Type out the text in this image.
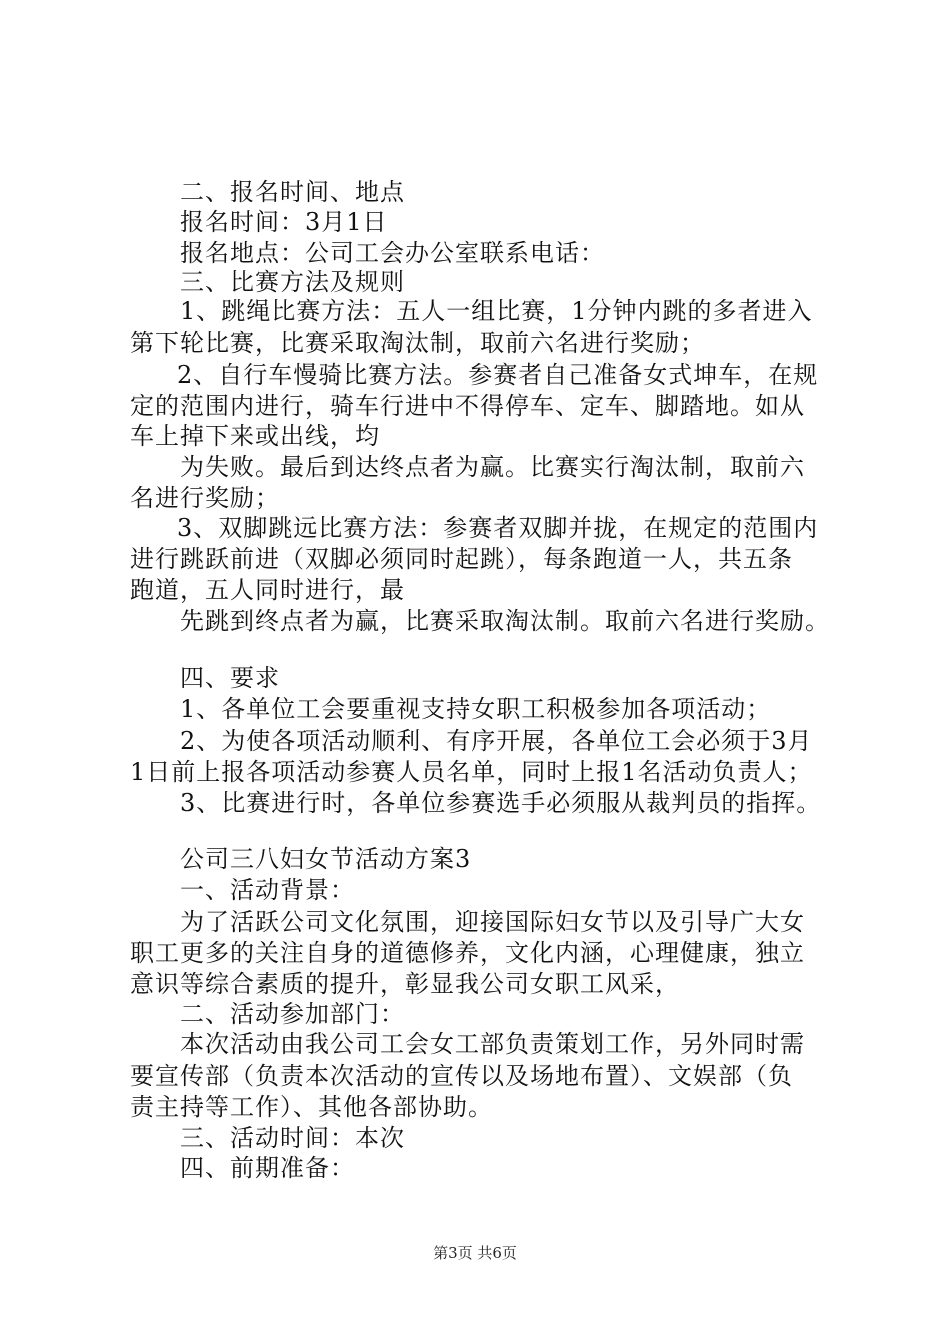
二、报名时间、地点
报名时间：3月1日
报名地点：公司工会办公室联系电话：
三、比赛方法及规则
1、跳绳比赛方法：五人一组比赛，1分钟内跳的多者进入
第下轮比赛，比赛采取淘汰制，取前六名进行奖励；
2、自行车慢骑比赛方法。参赛者自己准备女式坤车，在规
定的范围内进行，骑车行进中不得停车、定车、脚踏地。如从
车上掉下来或出线，均
为失败。最后到达终点者为赢。比赛实行淘汰制，取前六
名进行奖励；
3、双脚跳远比赛方法：参赛者双脚并拢，在规定的范围内
进行跳跃前进（双脚必须同时起跳），每条跑道一人，共五条
跑道，五人同时进行，最
先跳到终点者为赢，比赛采取淘汰制。取前六名进行奖励。
四、要求
1、各单位工会要重视支持女职工积极参加各项活动；
2、为使各项活动顺利、有序开展，各单位工会必须于3月
1日前上报各项活动参赛人员名单，同时上报1名活动负责人；
3、比赛进行时，各单位参赛选手必须服从裁判员的指挥。
公司三八妇女节活动方案3
一、活动背景：
为了活跃公司文化氛围，迎接国际妇女节以及引导广大女
职工更多的关注自身的道德修养，文化内涵，心理健康，独立
意识等综合素质的提升，彰显我公司女职工风采，
二、活动参加部门：
本次活动由我公司工会女工部负责策划工作，另外同时需
要宣传部（负责本次活动的宣传以及场地布置）、文娱部（负
责主持等工作）、其他各部协助。
三、活动时间：本次
四、前期准备：
第3页 共6页
